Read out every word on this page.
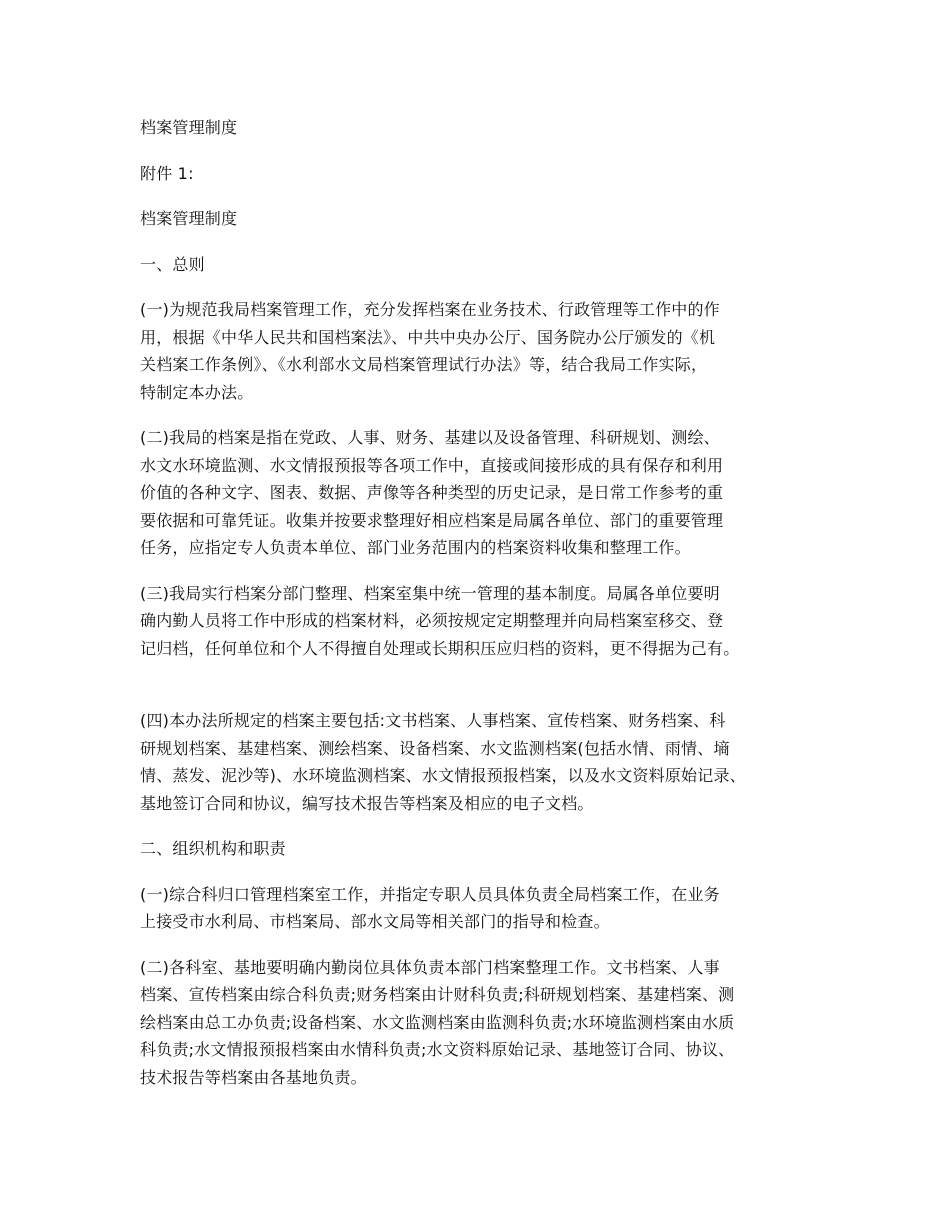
档案管理制度

附件 1:

档案管理制度

一、总则

(一)为规范我局档案管理工作，充分发挥档案在业务技术、行政管理等工作中的作
用，根据《中华人民共和国档案法》、中共中央办公厅、国务院办公厅颁发的《机
关档案工作条例》、《水利部水文局档案管理试行办法》等，结合我局工作实际，
特制定本办法。

(二)我局的档案是指在党政、人事、财务、基建以及设备管理、科研规划、测绘、
水文水环境监测、水文情报预报等各项工作中，直接或间接形成的具有保存和利用
价值的各种文字、图表、数据、声像等各种类型的历史记录，是日常工作参考的重
要依据和可靠凭证。收集并按要求整理好相应档案是局属各单位、部门的重要管理
任务，应指定专人负责本单位、部门业务范围内的档案资料收集和整理工作。

(三)我局实行档案分部门整理、档案室集中统一管理的基本制度。局属各单位要明
确内勤人员将工作中形成的档案材料，必须按规定定期整理并向局档案室移交、登
记归档，任何单位和个人不得擅自处理或长期积压应归档的资料，更不得据为己有。

(四)本办法所规定的档案主要包括:文书档案、人事档案、宣传档案、财务档案、科
研规划档案、基建档案、测绘档案、设备档案、水文监测档案(包括水情、雨情、墒
情、蒸发、泥沙等)、水环境监测档案、水文情报预报档案，以及水文资料原始记录、
基地签订合同和协议，编写技术报告等档案及相应的电子文档。

二、组织机构和职责

(一)综合科归口管理档案室工作，并指定专职人员具体负责全局档案工作，在业务
上接受市水利局、市档案局、部水文局等相关部门的指导和检查。

(二)各科室、基地要明确内勤岗位具体负责本部门档案整理工作。文书档案、人事
档案、宣传档案由综合科负责;财务档案由计财科负责;科研规划档案、基建档案、测
绘档案由总工办负责;设备档案、水文监测档案由监测科负责;水环境监测档案由水质
科负责;水文情报预报档案由水情科负责;水文资料原始记录、基地签订合同、协议、
技术报告等档案由各基地负责。
